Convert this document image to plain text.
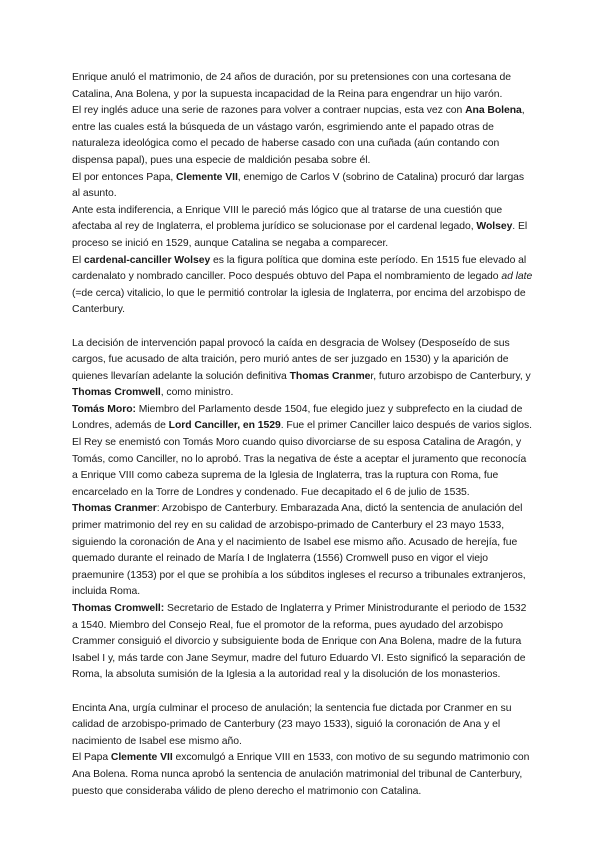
Enrique anuló el matrimonio, de 24 años de duración, por su pretensiones con una cortesana de Catalina, Ana Bolena, y por la supuesta incapacidad de la Reina para engendrar un hijo varón.

El rey inglés aduce una serie de razones para volver a contraer nupcias, esta vez con Ana Bolena, entre las cuales está la búsqueda de un vástago varón, esgrimiendo ante el papado otras de naturaleza ideológica como el pecado de haberse casado con una cuñada (aún contando con dispensa papal), pues una especie de maldición pesaba sobre él.

El por entonces Papa, Clemente VII, enemigo de Carlos V (sobrino de Catalina) procuró dar largas al asunto.

Ante esta indiferencia, a Enrique VIII le pareció más lógico que al tratarse de una cuestión que afectaba al rey de Inglaterra, el problema jurídico se solucionase por el cardenal legado, Wolsey. El proceso se inició en 1529, aunque Catalina se negaba a comparecer.

El cardenal-canciller Wolsey es la figura política que domina este período. En 1515 fue elevado al cardenalato y nombrado canciller. Poco después obtuvo del Papa el nombramiento de legado ad late (=de cerca) vitalicio, lo que le permitió controlar la iglesia de Inglaterra, por encima del arzobispo de Canterbury.

La decisión de intervención papal provocó la caída en desgracia de Wolsey (Desposeído de sus cargos, fue acusado de alta traición, pero murió antes de ser juzgado en 1530) y la aparición de quienes llevarían adelante la solución definitiva Thomas Cranmer, futuro arzobispo de Canterbury, y Thomas Cromwell, como ministro.

Tomás Moro: Miembro del Parlamento desde 1504, fue elegido juez y subprefecto en la ciudad de Londres, además de Lord Canciller, en 1529. Fue el primer Canciller laico después de varios siglos. El Rey se enemistó con Tomás Moro cuando quiso divorciarse de su esposa Catalina de Aragón, y Tomás, como Canciller, no lo aprobó. Tras la negativa de éste a aceptar el juramento que reconocía a Enrique VIII como cabeza suprema de la Iglesia de Inglaterra, tras la ruptura con Roma, fue encarcelado en la Torre de Londres y condenado. Fue decapitado el 6 de julio de 1535.

Thomas Cranmer: Arzobispo de Canterbury. Embarazada Ana, dictó la sentencia de anulación del primer matrimonio del rey en su calidad de arzobispo-primado de Canterbury el 23 mayo 1533, siguiendo la coronación de Ana y el nacimiento de Isabel ese mismo año. Acusado de herejía, fue quemado durante el reinado de María I de Inglaterra (1556) Cromwell puso en vigor el viejo praemunire (1353) por el que se prohibía a los súbditos ingleses el recurso a tribunales extranjeros, incluida Roma.

Thomas Cromwell: Secretario de Estado de Inglaterra y Primer Ministrodurante el periodo de 1532 a 1540. Miembro del Consejo Real, fue el promotor de la reforma, pues ayudado del arzobispo Crammer consiguió el divorcio y subsiguiente boda de Enrique con Ana Bolena, madre de la futura Isabel I y, más tarde con Jane Seymur, madre del futuro Eduardo VI. Esto significó la separación de Roma, la absoluta sumisión de la Iglesia a la autoridad real y la disolución de los monasterios.

Encinta Ana, urgía culminar el proceso de anulación; la sentencia fue dictada por Cranmer en su calidad de arzobispo-primado de Canterbury (23 mayo 1533), siguió la coronación de Ana y el nacimiento de Isabel ese mismo año.

El Papa Clemente VII excomulgó a Enrique VIII en 1533, con motivo de su segundo matrimonio con Ana Bolena. Roma nunca aprobó la sentencia de anulación matrimonial del tribunal de Canterbury, puesto que consideraba válido de pleno derecho el matrimonio con Catalina.
